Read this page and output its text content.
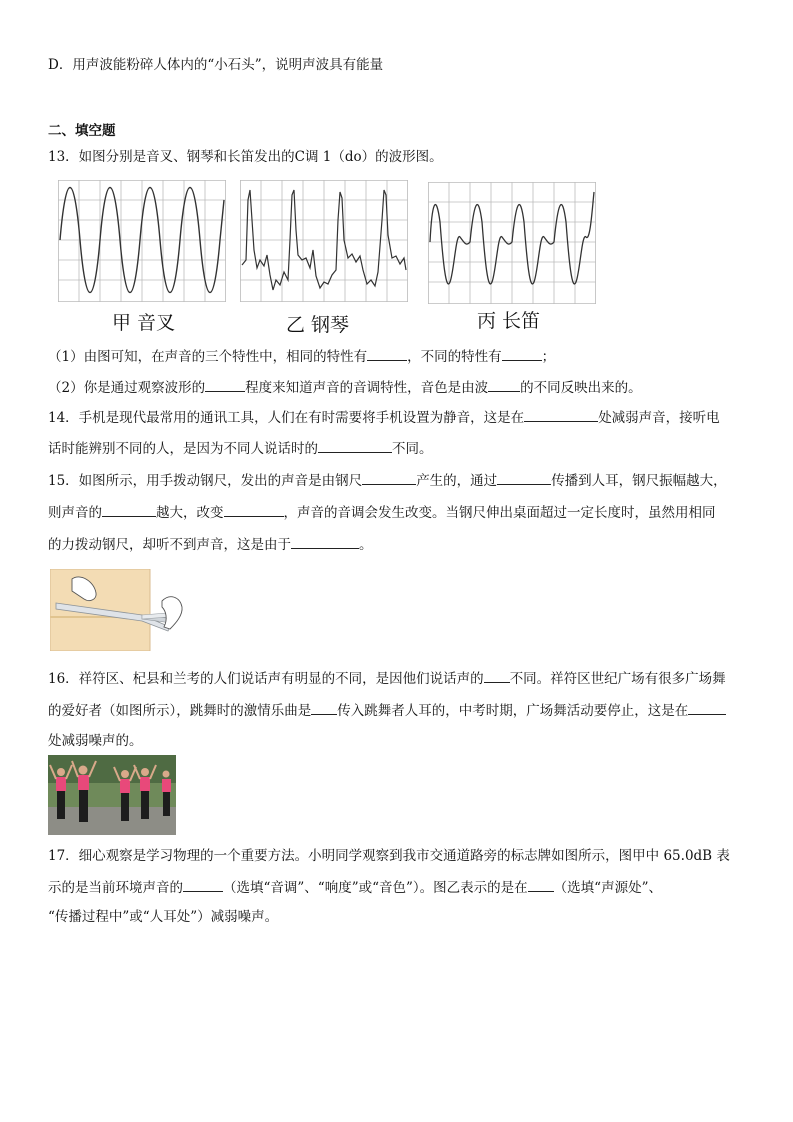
D．用声波能粉碎人体内的“小石头”，说明声波具有能量
二、填空题
13．如图分别是音叉、钢琴和长笛发出的C调 1（do）的波形图。
甲 音叉	乙 钢琴	丙 长笛
（1）由图可知，在声音的三个特性中，相同的特性有	，不同的特性有	；
（2）你是通过观察波形的	程度来知道声音的音调特性，音色是由波 的不同反映出来的。
14．手机是现代最常用的通讯工具，人们在有时需要将手机设置为静音，这是在	处减弱声音，接听电
话时能辨别不同的人，是因为不同人说话时的	不同。
15．如图所示，用手拨动钢尺，发出的声音是由钢尺	产生的，通过	传播到人耳，钢尺振幅越大，
则声音的	越大，改变	，声音的音调会发生改变。当钢尺伸出桌面超过一定长度时，虽然用相同
的力拨动钢尺，却听不到声音，这是由于	。
16．祥符区、杞县和兰考的人们说话声有明显的不同，是因他们说话声的 不同。祥符区世纪广场有很多广场舞
的爱好者（如图所示），跳舞时的激情乐曲是 传入跳舞者人耳的，中考时期，广场舞活动要停止，这是在
处减弱噪声的。
17．细心观察是学习物理的一个重要方法。小明同学观察到我市交通道路旁的标志牌如图所示，图甲中 65.0dB 表
示的是当前环境声音的	（选填“音调”、“响度”或“音色”）。图乙表示的是在 （选填“声源处”、
“传播过程中”或“人耳处”）减弱噪声。
